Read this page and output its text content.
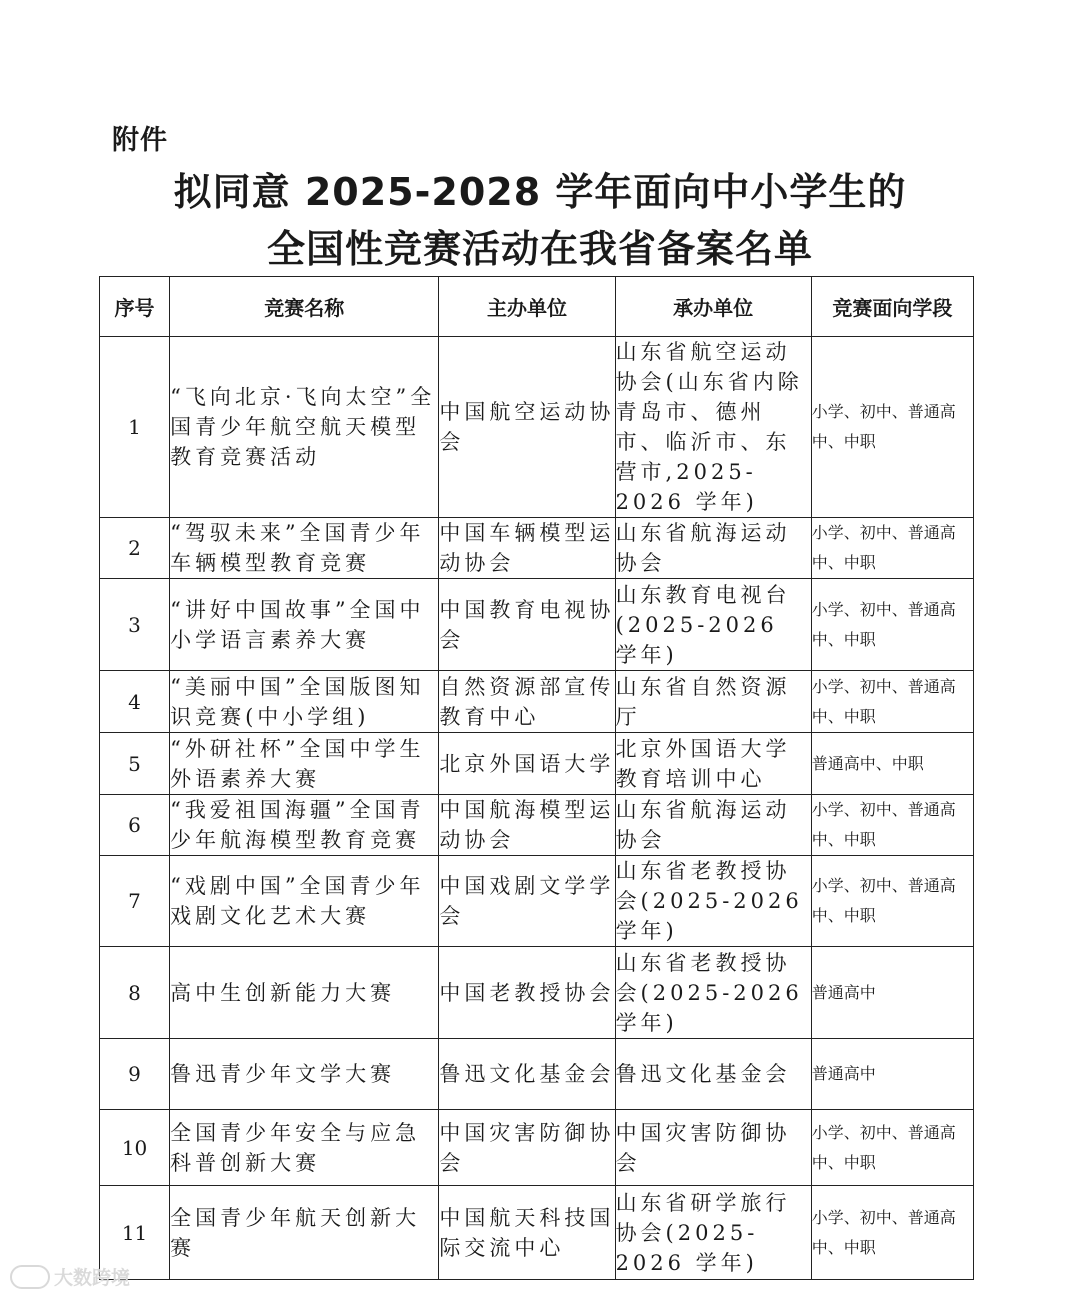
附件
拟同意 2025-2028 学年面向中小学生的
全国性竞赛活动在我省备案名单
序号	竞赛名称	主办单位	承办单位	竞赛面向学段
1	“飞向北京·飞向太空”全国青少年航空航天模型教育竞赛活动	中国航空运动协会	山东省航空运动协会(山东省内除青岛市、德州市、临沂市、东营市,2025-2026 学年)	小学、初中、普通高中、中职
2	“驾驭未来”全国青少年车辆模型教育竞赛	中国车辆模型运动协会	山东省航海运动协会	小学、初中、普通高中、中职
3	“讲好中国故事”全国中小学语言素养大赛	中国教育电视协会	山东教育电视台(2025-2026 学年)	小学、初中、普通高中、中职
4	“美丽中国”全国版图知识竞赛(中小学组)	自然资源部宣传教育中心	山东省自然资源厅	小学、初中、普通高中、中职
5	“外研社杯”全国中学生外语素养大赛	北京外国语大学	北京外国语大学教育培训中心	普通高中、中职
6	“我爱祖国海疆”全国青少年航海模型教育竞赛	中国航海模型运动协会	山东省航海运动协会	小学、初中、普通高中、中职
7	“戏剧中国”全国青少年戏剧文化艺术大赛	中国戏剧文学学会	山东省老教授协会(2025-2026 学年)	小学、初中、普通高中、中职
8	高中生创新能力大赛	中国老教授协会	山东省老教授协会(2025-2026 学年)	普通高中
9	鲁迅青少年文学大赛	鲁迅文化基金会	鲁迅文化基金会	普通高中
10	全国青少年安全与应急科普创新大赛	中国灾害防御协会	中国灾害防御协会	小学、初中、普通高中、中职
11	全国青少年航天创新大赛	中国航天科技国际交流中心	山东省研学旅行协会(2025-2026 学年)	小学、初中、普通高中、中职
大数跨境
